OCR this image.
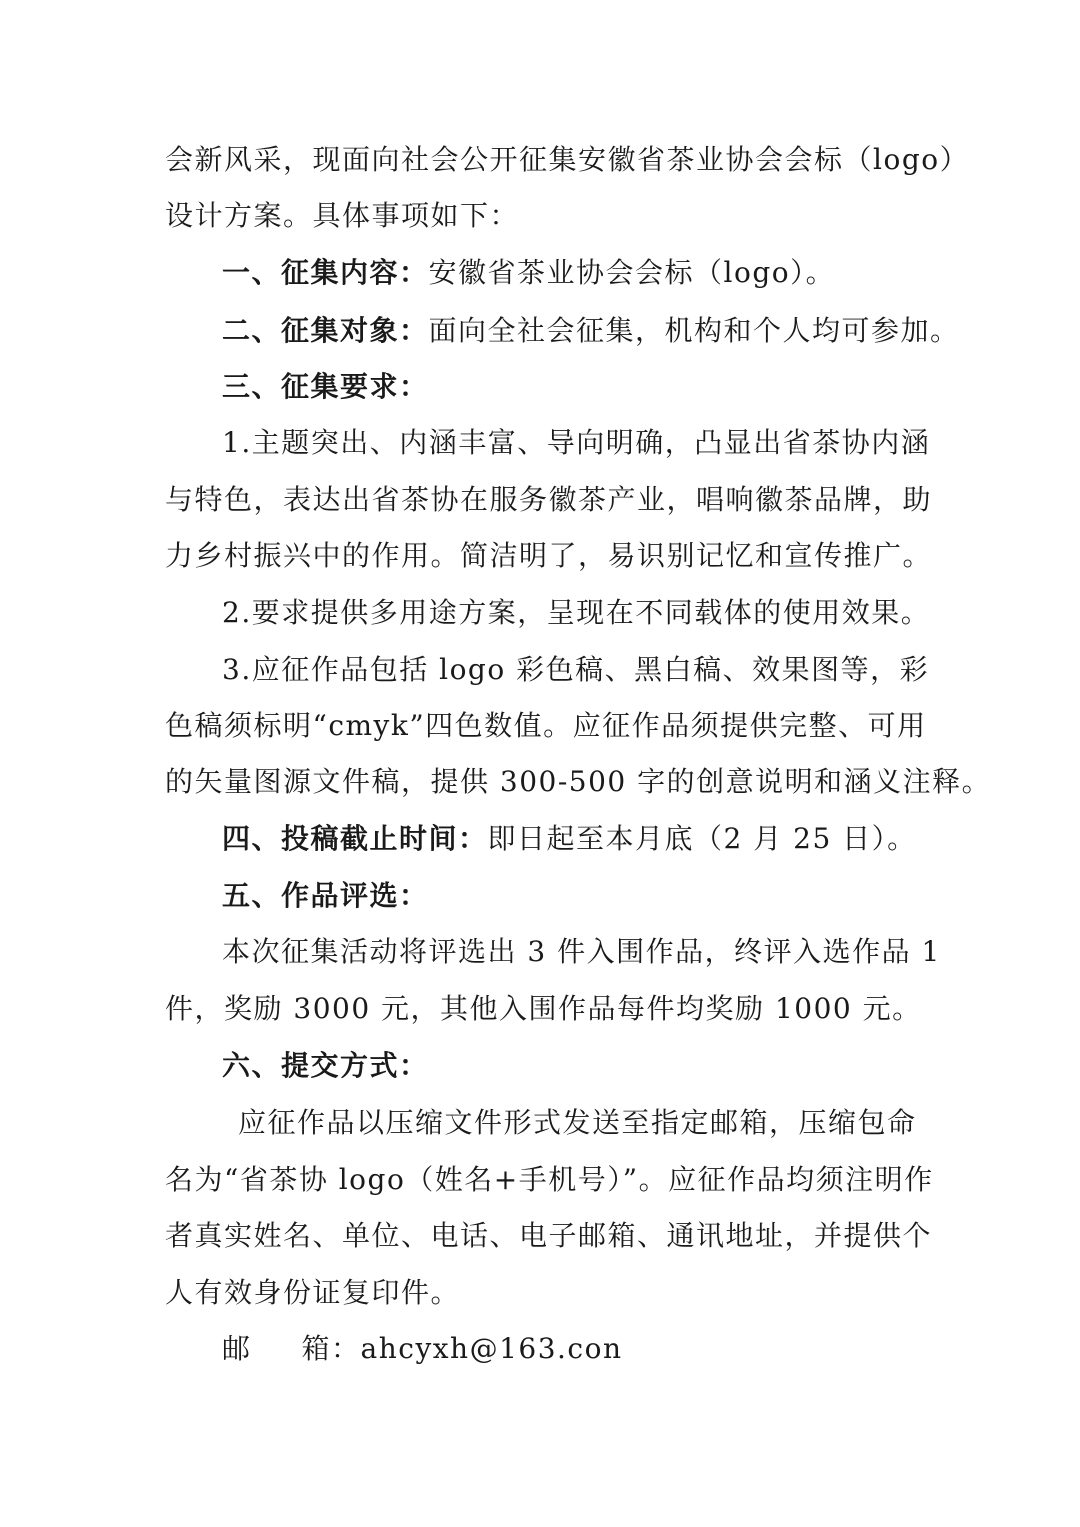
会新风采，现面向社会公开征集安徽省茶业协会会标（logo）
设计方案。具体事项如下：
一、征集内容：安徽省茶业协会会标（logo）。
二、征集对象：面向全社会征集，机构和个人均可参加。
三、征集要求：
1.主题突出、内涵丰富、导向明确，凸显出省茶协内涵
与特色，表达出省茶协在服务徽茶产业，唱响徽茶品牌，助
力乡村振兴中的作用。简洁明了，易识别记忆和宣传推广。
2.要求提供多用途方案，呈现在不同载体的使用效果。
3.应征作品包括 logo 彩色稿、黑白稿、效果图等，彩
色稿须标明“cmyk”四色数值。应征作品须提供完整、可用
的矢量图源文件稿，提供 300-500 字的创意说明和涵义注释。
四、投稿截止时间：即日起至本月底（2 月 25 日）。
五、作品评选：
本次征集活动将评选出 3 件入围作品，终评入选作品 1
件，奖励 3000 元，其他入围作品每件均奖励 1000 元。
六、提交方式：
应征作品以压缩文件形式发送至指定邮箱，压缩包命
名为“省茶协 logo（姓名+手机号）”。应征作品均须注明作
者真实姓名、单位、电话、电子邮箱、通讯地址，并提供个
人有效身份证复印件。
邮 箱：ahcyxh@163.con
